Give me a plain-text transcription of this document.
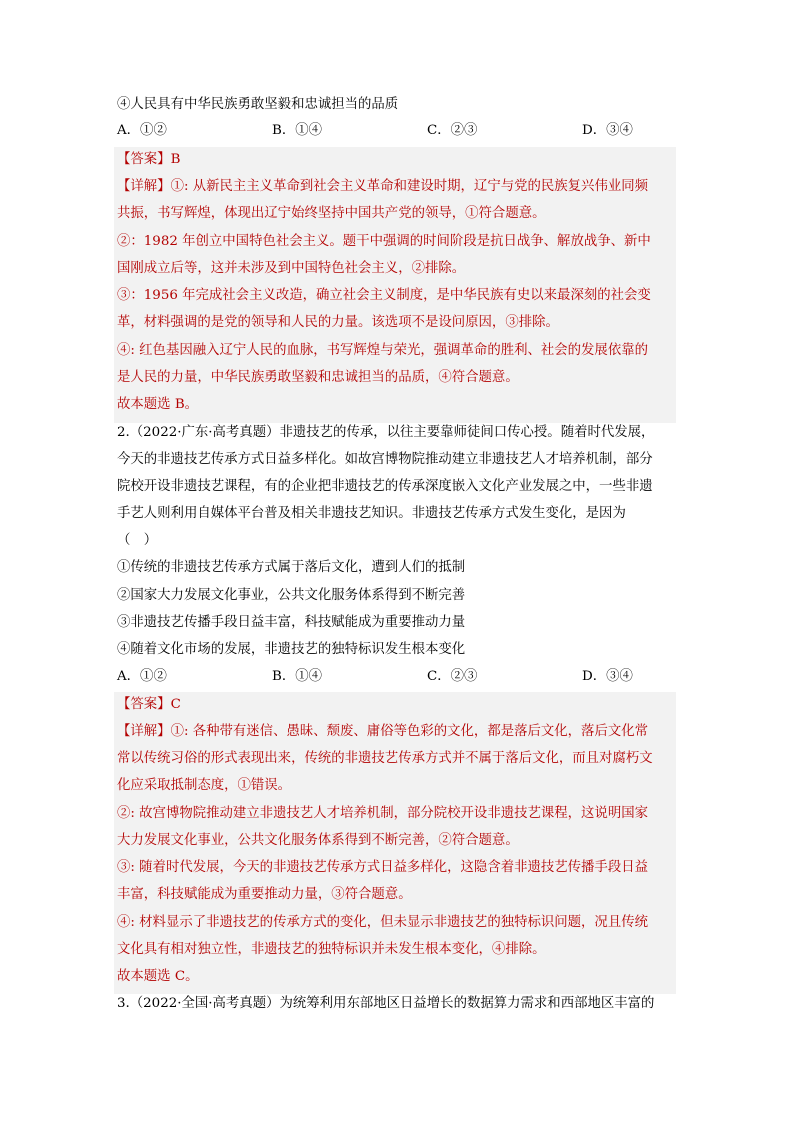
④人民具有中华民族勇敢坚毅和忠诚担当的品质
A．①②	B．①④	C．②③	D．③④
【答案】B
【详解】①: 从新民主主义革命到社会主义革命和建设时期，辽宁与党的民族复兴伟业同频
共振，书写辉煌，体现出辽宁始终坚持中国共产党的领导，①符合题意。
②：1982 年创立中国特色社会主义。题干中强调的时间阶段是抗日战争、解放战争、新中
国刚成立后等，这并未涉及到中国特色社会主义，②排除。
③：1956 年完成社会主义改造，确立社会主义制度，是中华民族有史以来最深刻的社会变
革，材料强调的是党的领导和人民的力量。该选项不是设问原因，③排除。
④: 红色基因融入辽宁人民的血脉，书写辉煌与荣光，强调革命的胜利、社会的发展依靠的
是人民的力量，中华民族勇敢坚毅和忠诚担当的品质，④符合题意。
故本题选 B。
2.（2022·广东·高考真题）非遗技艺的传承，以往主要靠师徒间口传心授。随着时代发展，
今天的非遗技艺传承方式日益多样化。如故宫博物院推动建立非遗技艺人才培养机制，部分
院校开设非遗技艺课程，有的企业把非遗技艺的传承深度嵌入文化产业发展之中，一些非遗
手艺人则利用自媒体平台普及相关非遗技艺知识。非遗技艺传承方式发生变化，是因为
（　）
①传统的非遗技艺传承方式属于落后文化，遭到人们的抵制
②国家大力发展文化事业，公共文化服务体系得到不断完善
③非遗技艺传播手段日益丰富，科技赋能成为重要推动力量
④随着文化市场的发展，非遗技艺的独特标识发生根本变化
A．①②	B．①④	C．②③	D．③④
【答案】C
【详解】①: 各种带有迷信、愚昧、颓废、庸俗等色彩的文化，都是落后文化，落后文化常
常以传统习俗的形式表现出来，传统的非遗技艺传承方式并不属于落后文化，而且对腐朽文
化应采取抵制态度，①错误。
②: 故宫博物院推动建立非遗技艺人才培养机制，部分院校开设非遗技艺课程，这说明国家
大力发展文化事业，公共文化服务体系得到不断完善，②符合题意。
③: 随着时代发展，今天的非遗技艺传承方式日益多样化，这隐含着非遗技艺传播手段日益
丰富，科技赋能成为重要推动力量，③符合题意。
④: 材料显示了非遗技艺的传承方式的变化，但未显示非遗技艺的独特标识问题，况且传统
文化具有相对独立性，非遗技艺的独特标识并未发生根本变化，④排除。
故本题选 C。
3.（2022·全国·高考真题）为统筹利用东部地区日益增长的数据算力需求和西部地区丰富的
